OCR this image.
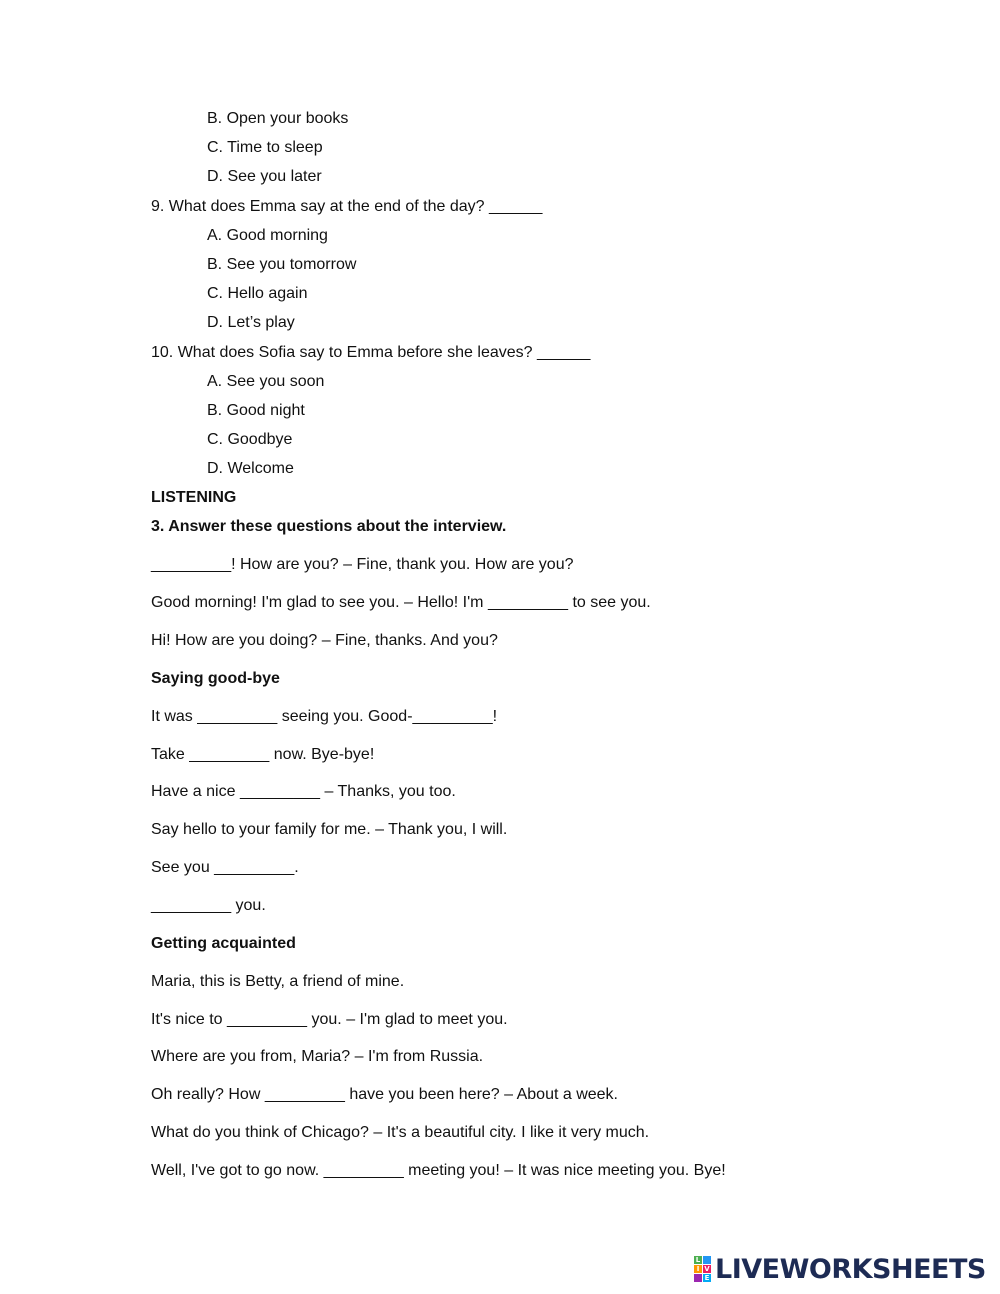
B. Open your books
C. Time to sleep
D. See you later
9. What does Emma say at the end of the day? ______
A. Good morning
B. See you tomorrow
C. Hello again
D. Let’s play
10. What does Sofia say to Emma before she leaves? ______
A. See you soon
B. Good night
C. Goodbye
D. Welcome
LISTENING
3. Answer these questions about the interview.
_________! How are you? – Fine, thank you. How are you?
Good morning! I'm glad to see you. – Hello! I'm _________ to see you.
Hi! How are you doing? – Fine, thanks. And you?
Saying good-bye
It was _________ seeing you. Good-_________!
Take _________ now. Bye-bye!
Have a nice _________ – Thanks, you too.
Say hello to your family for me. – Thank you, I will.
See you _________.
_________ you.
Getting acquainted
Maria, this is Betty, a friend of mine.
It's nice to _________ you. – I'm glad to meet you.
Where are you from, Maria? – I'm from Russia.
Oh really? How _________ have you been here? – About a week.
What do you think of Chicago? – It's a beautiful city. I like it very much.
Well, I've got to go now. _________ meeting you! – It was nice meeting you. Bye!
L
I V
E LIVEWORKSHEETS
